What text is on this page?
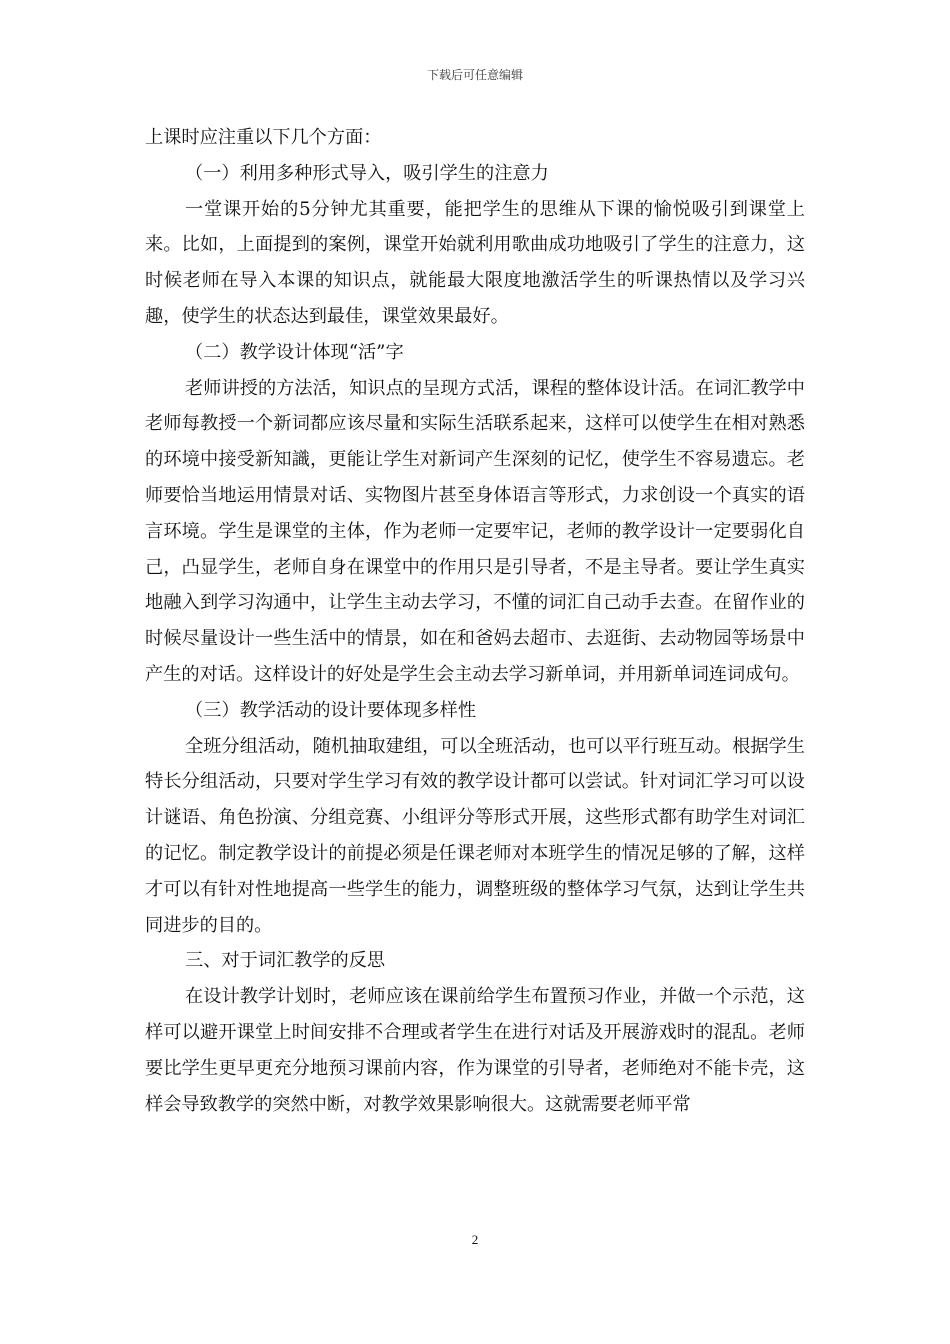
下载后可任意编辑

上课时应注重以下几个方面：

（一）利用多种形式导入，吸引学生的注意力

一堂课开始的5分钟尤其重要，能把学生的思维从下课的愉悦吸引到课堂上来。比如，上面提到的案例，课堂开始就利用歌曲成功地吸引了学生的注意力，这时候老师在导入本课的知识点，就能最大限度地激活学生的听课热情以及学习兴趣，使学生的状态达到最佳，课堂效果最好。

（二）教学设计体现“活”字

老师讲授的方法活，知识点的呈现方式活，课程的整体设计活。在词汇教学中老师每教授一个新词都应该尽量和实际生活联系起来，这样可以使学生在相对熟悉的环境中接受新知識，更能让学生对新词产生深刻的记忆，使学生不容易遗忘。老师要恰当地运用情景对话、实物图片甚至身体语言等形式，力求创设一个真实的语言环境。学生是课堂的主体，作为老师一定要牢记，老师的教学设计一定要弱化自己，凸显学生，老师自身在课堂中的作用只是引导者，不是主导者。要让学生真实地融入到学习沟通中，让学生主动去学习，不懂的词汇自己动手去查。在留作业的时候尽量设计一些生活中的情景，如在和爸妈去超市、去逛街、去动物园等场景中产生的对话。这样设计的好处是学生会主动去学习新单词，并用新单词连词成句。

（三）教学活动的设计要体现多样性

全班分组活动，随机抽取建组，可以全班活动，也可以平行班互动。根据学生特长分组活动，只要对学生学习有效的教学设计都可以尝试。针对词汇学习可以设计谜语、角色扮演、分组竞赛、小组评分等形式开展，这些形式都有助学生对词汇的记忆。制定教学设计的前提必须是任课老师对本班学生的情况足够的了解，这样才可以有针对性地提高一些学生的能力，调整班级的整体学习气氛，达到让学生共同进步的目的。

三、对于词汇教学的反思

在设计教学计划时，老师应该在课前给学生布置预习作业，并做一个示范，这样可以避开课堂上时间安排不合理或者学生在进行对话及开展游戏时的混乱。老师要比学生更早更充分地预习课前内容，作为课堂的引导者，老师绝对不能卡壳，这样会导致教学的突然中断，对教学效果影响很大。这就需要老师平常

2
